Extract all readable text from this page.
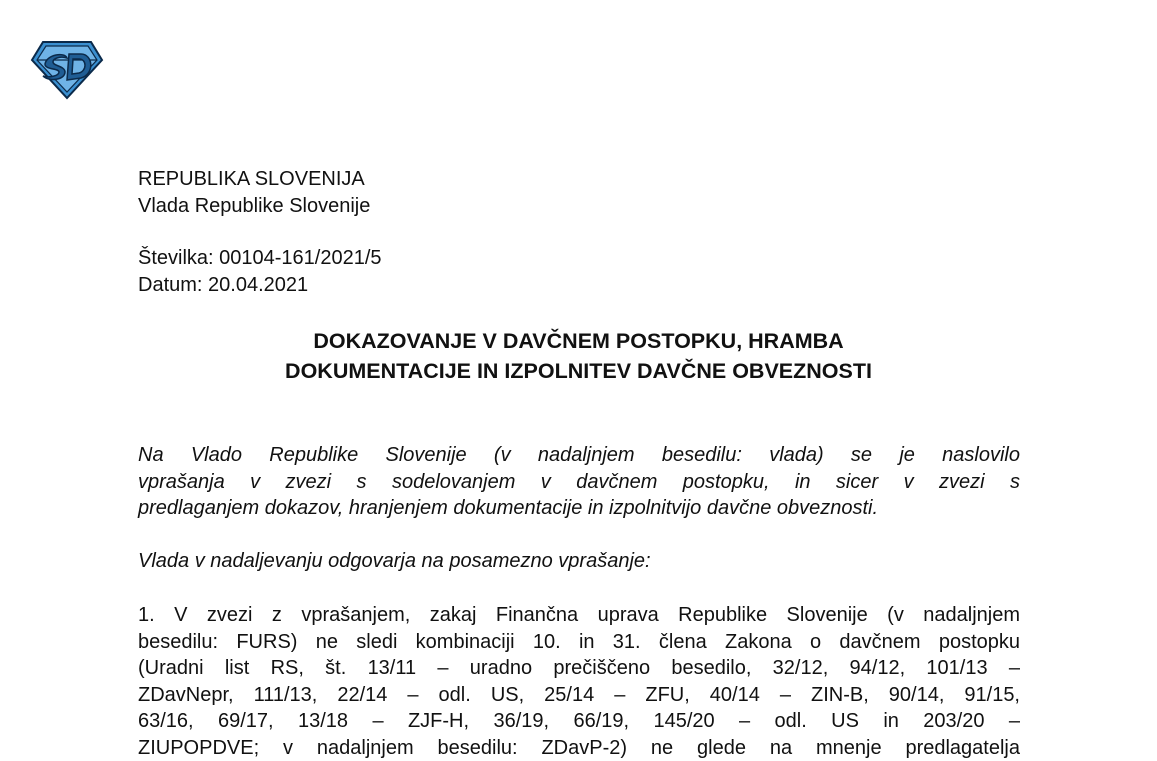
REPUBLIKA SLOVENIJA
Vlada Republike Slovenije
Številka: 00104-161/2021/5
Datum: 20.04.2021
DOKAZOVANJE V DAVČNEM POSTOPKU, HRAMBA
DOKUMENTACIJE IN IZPOLNITEV DAVČNE OBVEZNOSTI
Na Vlado Republike Slovenije (v nadaljnjem besedilu: vlada) se je naslovilo
vprašanja v zvezi s sodelovanjem v davčnem postopku, in sicer v zvezi s
predlaganjem dokazov, hranjenjem dokumentacije in izpolnitvijo davčne obveznosti.
Vlada v nadaljevanju odgovarja na posamezno vprašanje:
1. V zvezi z vprašanjem, zakaj Finančna uprava Republike Slovenije (v nadaljnjem
besedilu: FURS) ne sledi kombinaciji 10. in 31. člena Zakona o davčnem postopku
(Uradni list RS, št. 13/11 – uradno prečiščeno besedilo, 32/12, 94/12, 101/13 –
ZDavNepr, 111/13, 22/14 – odl. US, 25/14 – ZFU, 40/14 – ZIN-B, 90/14, 91/15,
63/16, 69/17, 13/18 – ZJF-H, 36/19, 66/19, 145/20 – odl. US in 203/20 –
ZIUPOPDVE; v nadaljnjem besedilu: ZDavP-2) ne glede na mnenje predlagatelja
